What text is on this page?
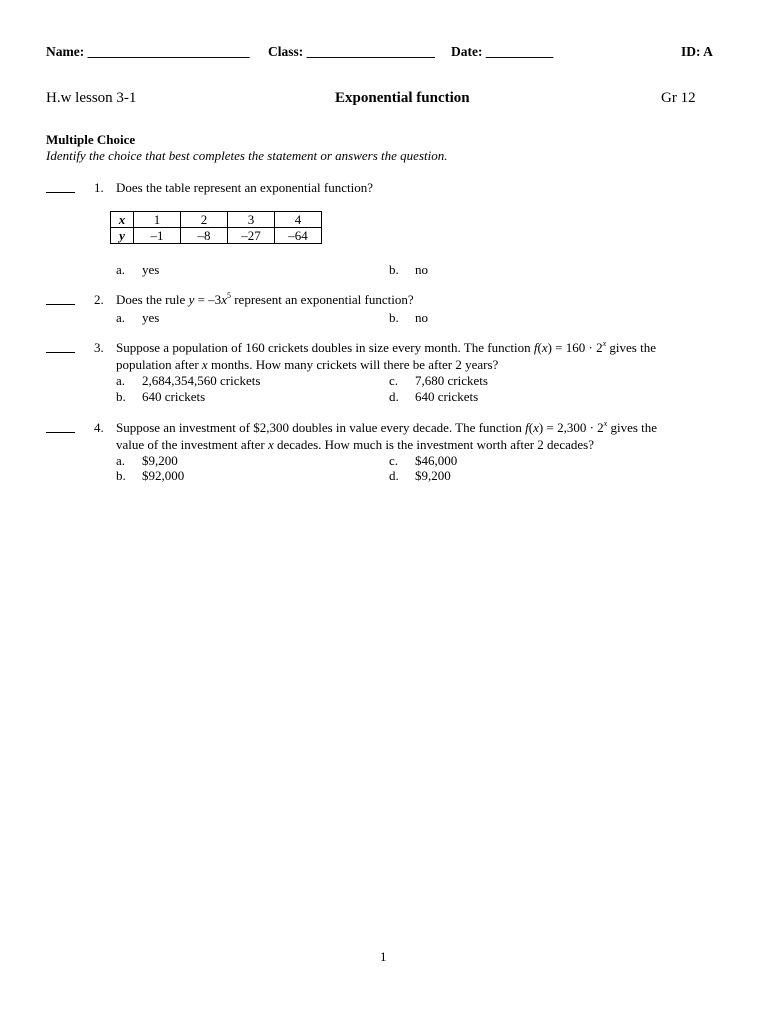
Name: ________________________ Class: ___________________ Date: __________	ID: A
H.w lesson 3-1	Exponential function	Gr 12
Multiple Choice
Identify the choice that best completes the statement or answers the question.
1. Does the table represent an exponential function?
x	1	2	3	4
y	–1	–8	–27	–64
a. yes	b. no
2. Does the rule $y = -3x^5$ represent an exponential function?
a. yes	b. no
3. Suppose a population of 160 crickets doubles in size every month. The function $f(x) = 160 \cdot 2^x$ gives the
population after x months. How many crickets will there be after 2 years?
a. 2,684,354,560 crickets	c. 7,680 crickets
b. 640 crickets	d. 640 crickets
4. Suppose an investment of $2,300 doubles in value every decade. The function $f(x) = 2,300 \cdot 2^x$ gives the
value of the investment after x decades. How much is the investment worth after 2 decades?
a. $9,200	c. $46,000
b. $92,000	d. $9,200
1
